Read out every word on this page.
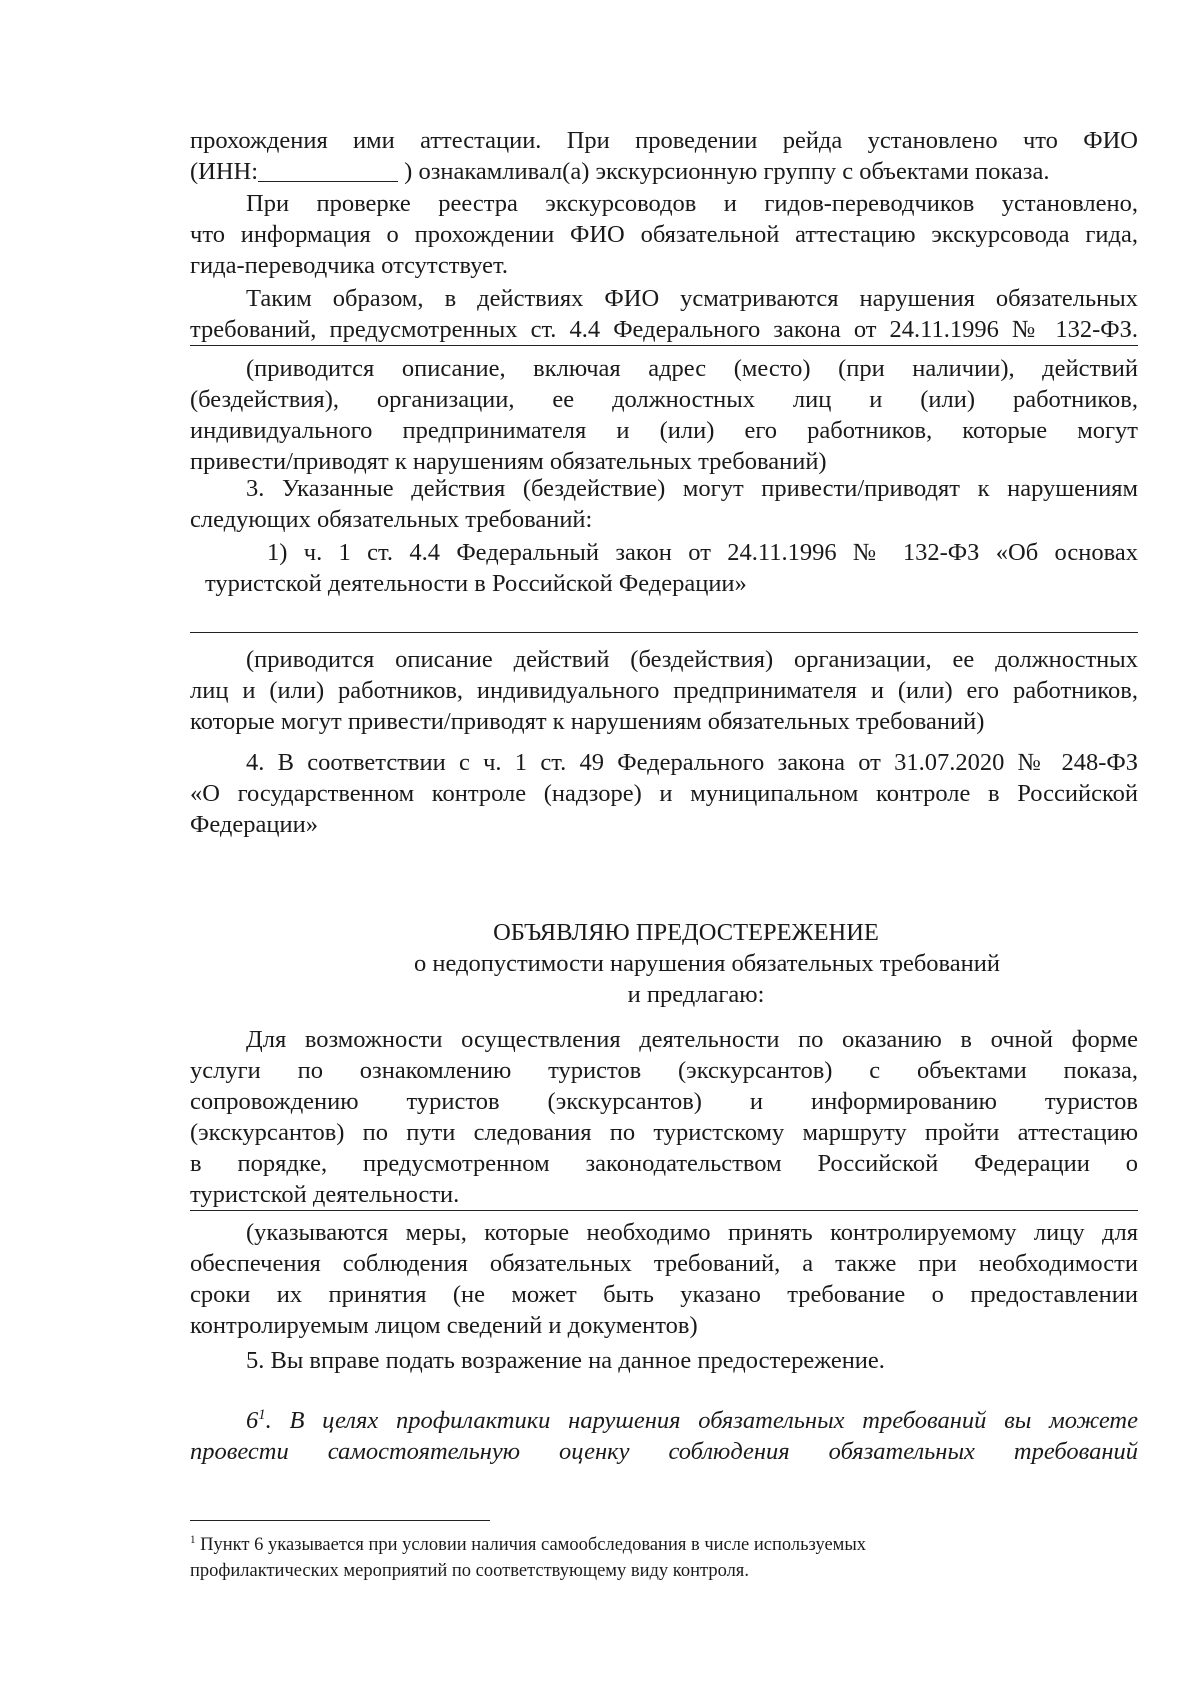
прохождения ими аттестации. При проведении рейда установлено что ФИО

(ИНН:	) ознакамливал(а) экскурсионную группу с объектами показа.

При проверке реестра экскурсоводов и гидов-переводчиков установлено,

что информация о прохождении ФИО обязательной аттестацию экскурсовода гида,

гида-переводчика отсутствует.

Таким образом, в действиях ФИО усматриваются нарушения обязательных

требований, предусмотренных ст. 4.4 Федерального закона от 24.11.1996 № 132-ФЗ.

(приводится описание, включая адрес (место) (при наличии), действий

(бездействия), организации, ее должностных лиц и (или) работников,

индивидуального предпринимателя и (или) его работников, которые могут

привести/приводят к нарушениям обязательных требований)

3. Указанные действия (бездействие) могут привести/приводят к нарушениям

следующих обязательных требований:

1) ч. 1 ст. 4.4 Федеральный закон от 24.11.1996 № 132-ФЗ «Об основах

туристской деятельности в Российской Федерации»

(приводится описание действий (бездействия) организации, ее должностных

лиц и (или) работников, индивидуального предпринимателя и (или) его работников,

которые могут привести/приводят к нарушениям обязательных требований)

4. В соответствии с ч. 1 ст. 49 Федерального закона от 31.07.2020 № 248-ФЗ

«О государственном контроле (надзоре) и муниципальном контроле в Российской

Федерации»

ОБЪЯВЛЯЮ ПРЕДОСТЕРЕЖЕНИЕ

о недопустимости нарушения обязательных требований

и предлагаю:

Для возможности осуществления деятельности по оказанию в очной форме

услуги по ознакомлению туристов (экскурсантов) с объектами показа,

сопровождению туристов (экскурсантов) и информированию туристов

(экскурсантов) по пути следования по туристскому маршруту пройти аттестацию

в порядке, предусмотренном законодательством Российской Федерации о

туристской деятельности.

(указываются меры, которые необходимо принять контролируемому лицу для

обеспечения соблюдения обязательных требований, а также при необходимости

сроки их принятия (не может быть указано требование о предоставлении

контролируемым лицом сведений и документов)

5. Вы вправе подать возражение на данное предостережение.

$6^1$. В целях профилактики нарушения обязательных требований вы можете

провести самостоятельную оценку соблюдения обязательных требований

$^1$ Пункт 6 указывается при условии наличия самообследования в числе используемых
профилактических мероприятий по соответствующему виду контроля.
